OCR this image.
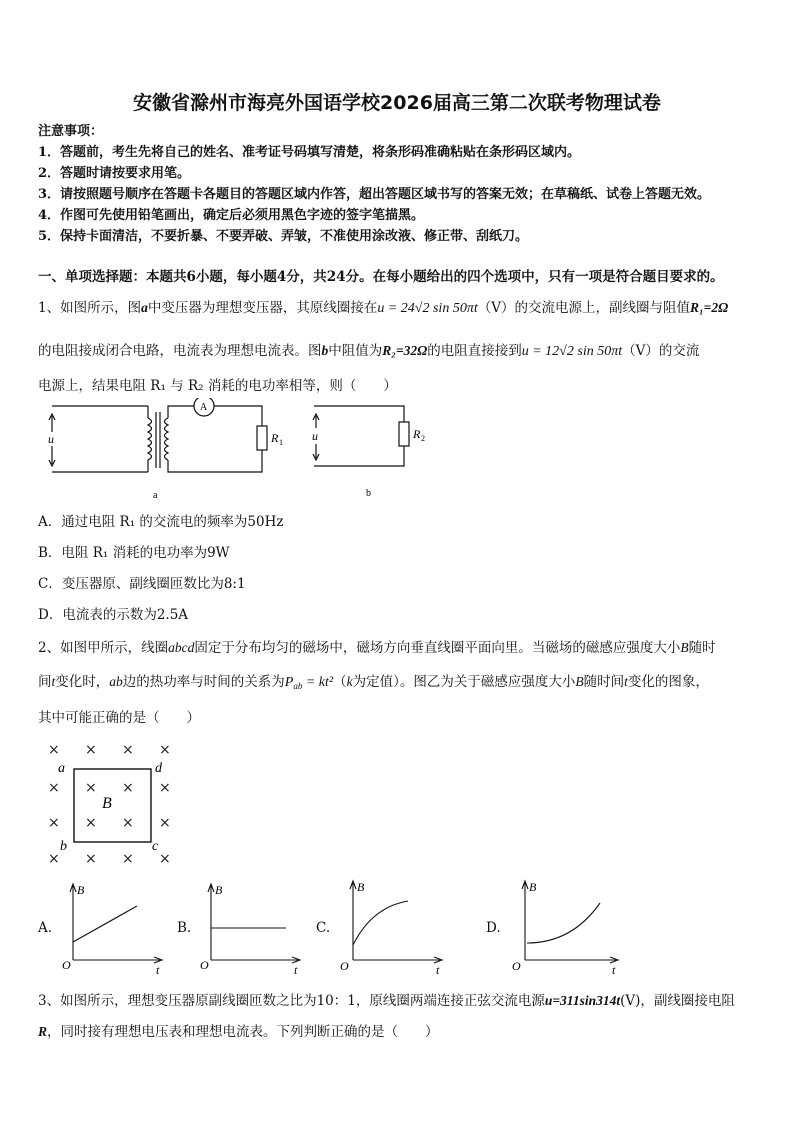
安徽省滁州市海亮外国语学校2026届高三第二次联考物理试卷
注意事项：
1．答题前，考生先将自己的姓名、准考证号码填写清楚，将条形码准确粘贴在条形码区域内。
2．答题时请按要求用笔。
3．请按照题号顺序在答题卡各题目的答题区域内作答，超出答题区域书写的答案无效；在草稿纸、试卷上答题无效。
4．作图可先使用铅笔画出，确定后必须用黑色字迹的签字笔描黑。
5．保持卡面清洁，不要折暴、不要弄破、弄皱，不准使用涂改液、修正带、刮纸刀。
一、单项选择题：本题共6小题，每小题4分，共24分。在每小题给出的四个选项中，只有一项是符合题目要求的。
1、如图所示，图a中变压器为理想变压器，其原线圈接在u = 24√2 sin 50πt（V）的交流电源上，副线圈与阻值R₁=2Ω
的电阻接成闭合电路，电流表为理想电流表。图b中阻值为R₂=32Ω的电阻直接接到u = 12√2 sin 50πt（V）的交流
电源上，结果电阻 R₁ 与 R₂ 消耗的电功率相等，则（　　）
A
u	R 1 u	R 2
a	b
A．通过电阻 R₁ 的交流电的频率为50Hz
B．电阻 R₁ 消耗的电功率为9W
C．变压器原、副线圈匝数比为8:1
D．电流表的示数为2.5A
2、如图甲所示，线圈abcd固定于分布均匀的磁场中，磁场方向垂直线圈平面向里。当磁场的磁感应强度大小B随时
间t变化时，ab边的热功率与时间的关系为$P_{ab} = kt^2(k$为定值）。图乙为关于磁感应强度大小B随时间t变化的图象，
其中可能正确的是（　　）
× × × ×
× × × ×
× × × ×
× × × ×
a	d
b	c
B
A.	B.	C.	D.
B
t
O
B
t
O
B
t
O
B
t
O
3、如图所示，理想变压器原副线圈匝数之比为10：1，原线圈两端连接正弦交流电源u=311sin314t(V)，副线圈接电阻
R，同时接有理想电压表和理想电流表。下列判断正确的是（　　）
